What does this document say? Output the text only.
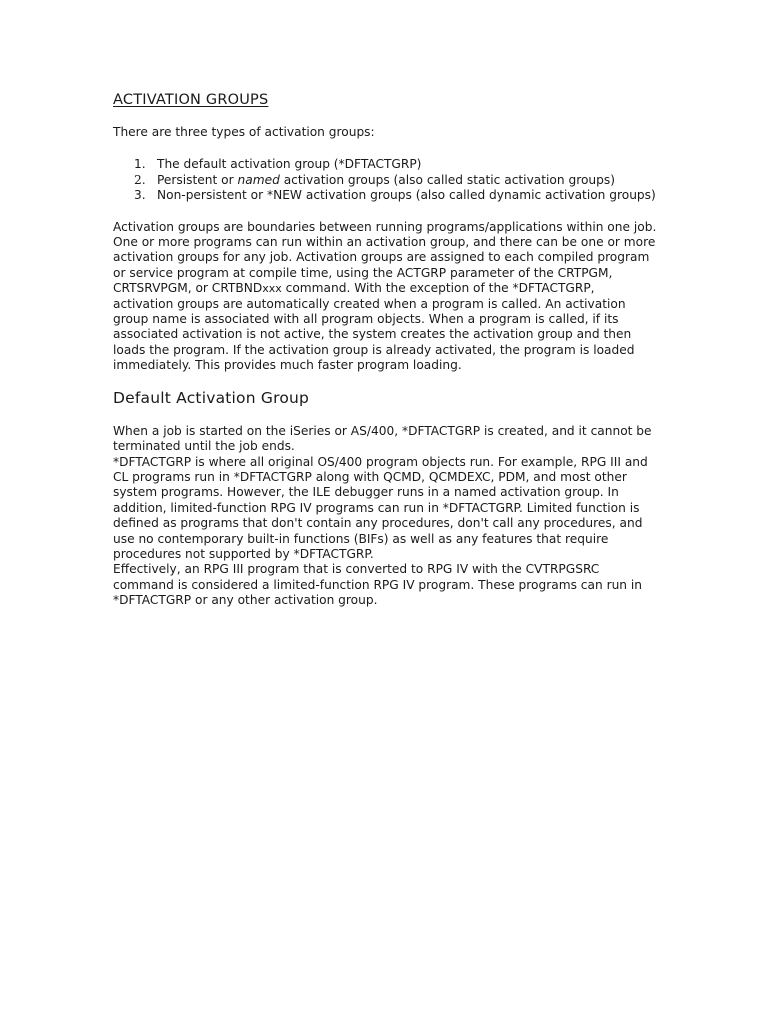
ACTIVATION GROUPS

There are three types of activation groups:

1. The default activation group (*DFTACTGRP)
2. Persistent or named activation groups (also called static activation groups)
3. Non-persistent or *NEW activation groups (also called dynamic activation groups)

Activation groups are boundaries between running programs/applications within one job. One or more programs can run within an activation group, and there can be one or more activation groups for any job. Activation groups are assigned to each compiled program or service program at compile time, using the ACTGRP parameter of the CRTPGM, CRTSRVPGM, or CRTBNDxxx command. With the exception of the *DFTACTGRP, activation groups are automatically created when a program is called. An activation group name is associated with all program objects. When a program is called, if its associated activation is not active, the system creates the activation group and then loads the program. If the activation group is already activated, the program is loaded immediately. This provides much faster program loading.

Default Activation Group

When a job is started on the iSeries or AS/400, *DFTACTGRP is created, and it cannot be terminated until the job ends.

*DFTACTGRP is where all original OS/400 program objects run. For example, RPG III and CL programs run in *DFTACTGRP along with QCMD, QCMDEXC, PDM, and most other system programs. However, the ILE debugger runs in a named activation group. In addition, limited-function RPG IV programs can run in *DFTACTGRP. Limited function is defined as programs that don't contain any procedures, don't call any procedures, and use no contemporary built-in functions (BIFs) as well as any features that require procedures not supported by *DFTACTGRP.

Effectively, an RPG III program that is converted to RPG IV with the CVTRPGSRC command is considered a limited-function RPG IV program. These programs can run in *DFTACTGRP or any other activation group.
